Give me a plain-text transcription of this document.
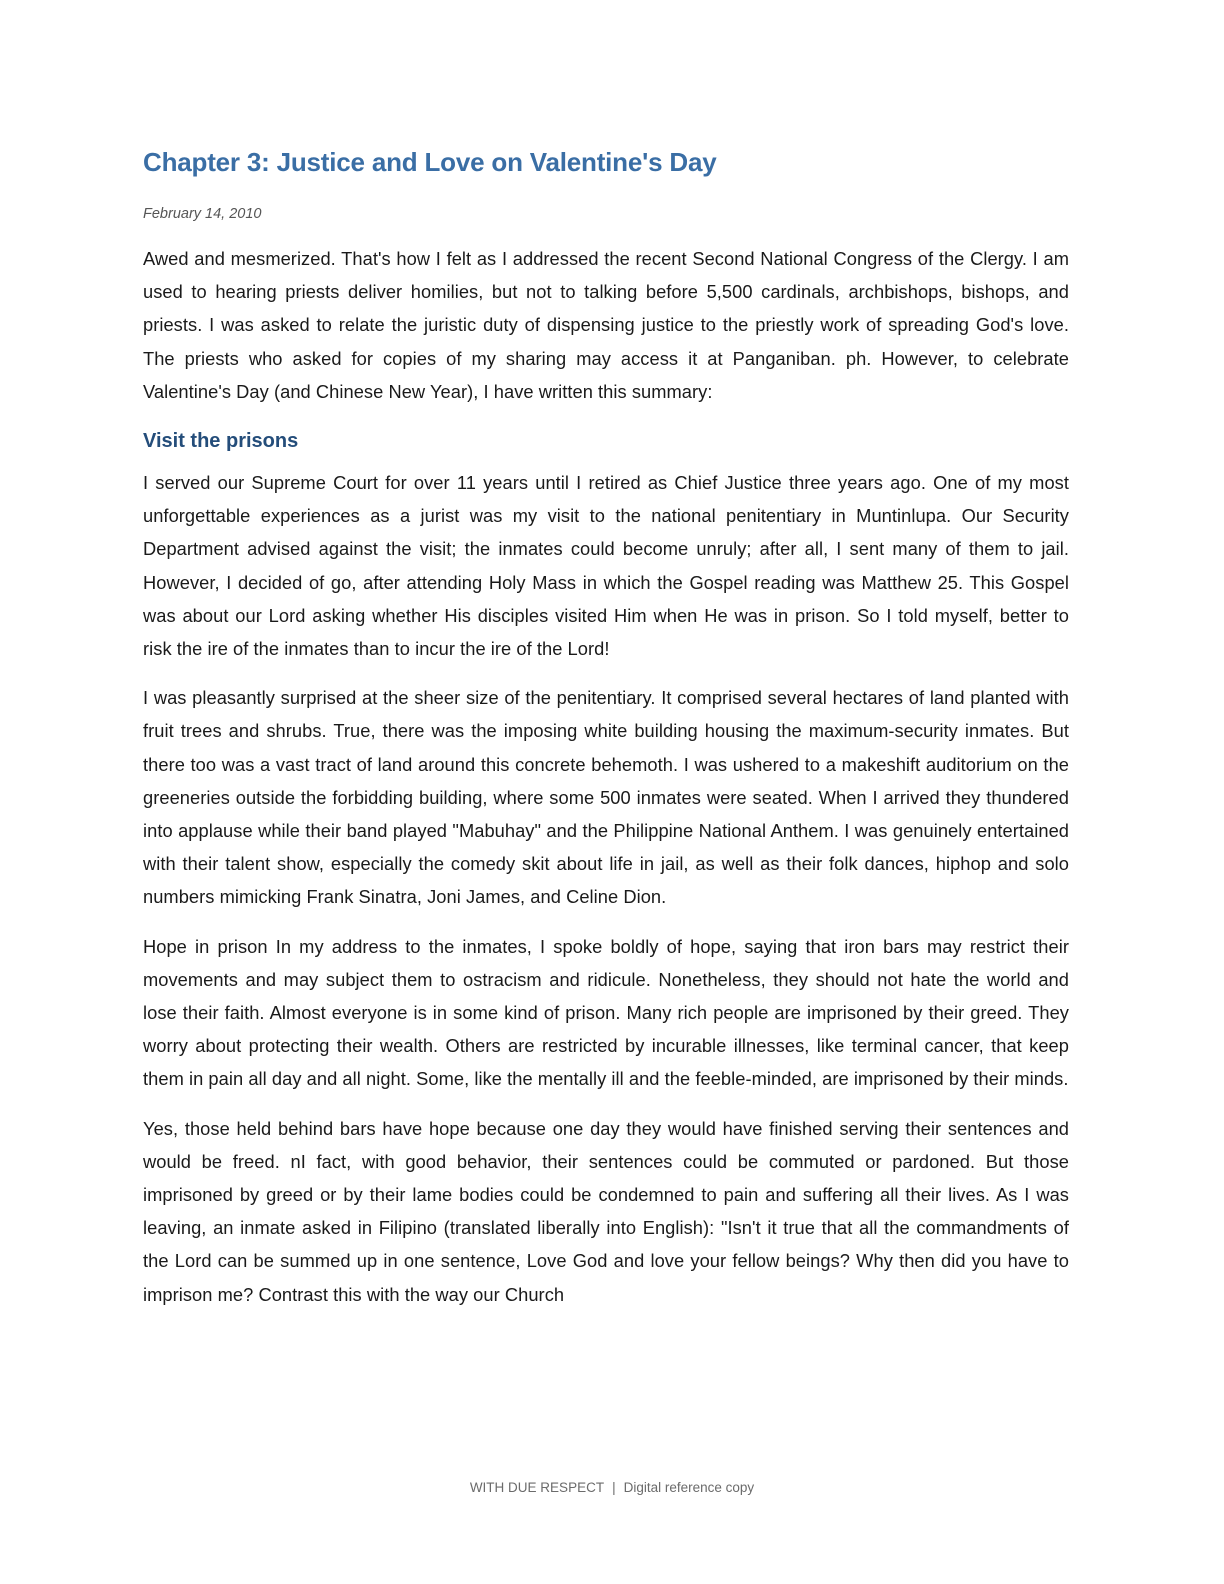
Chapter 3: Justice and Love on Valentine's Day
February 14, 2010

Awed and mesmerized. That's how I felt as I addressed the recent Second National Congress of the Clergy. I am used to hearing priests deliver homilies, but not to talking before 5,500 cardinals, archbishops, bishops, and priests. I was asked to relate the juristic duty of dispensing justice to the priestly work of spreading God's love. The priests who asked for copies of my sharing may access it at Panganiban. ph. However, to celebrate Valentine's Day (and Chinese New Year), I have written this summary:

Visit the prisons

I served our Supreme Court for over 11 years until I retired as Chief Justice three years ago. One of my most unforgettable experiences as a jurist was my visit to the national penitentiary in Muntinlupa. Our Security Department advised against the visit; the inmates could become unruly; after all, I sent many of them to jail. However, I decided of go, after attending Holy Mass in which the Gospel reading was Matthew 25. This Gospel was about our Lord asking whether His disciples visited Him when He was in prison. So I told myself, better to risk the ire of the inmates than to incur the ire of the Lord!

I was pleasantly surprised at the sheer size of the penitentiary. It comprised several hectares of land planted with fruit trees and shrubs. True, there was the imposing white building housing the maximum-security inmates. But there too was a vast tract of land around this concrete behemoth. I was ushered to a makeshift auditorium on the greeneries outside the forbidding building, where some 500 inmates were seated. When I arrived they thundered into applause while their band played "Mabuhay" and the Philippine National Anthem. I was genuinely entertained with their talent show, especially the comedy skit about life in jail, as well as their folk dances, hiphop and solo numbers mimicking Frank Sinatra, Joni James, and Celine Dion.

Hope in prison In my address to the inmates, I spoke boldly of hope, saying that iron bars may restrict their movements and may subject them to ostracism and ridicule. Nonetheless, they should not hate the world and lose their faith. Almost everyone is in some kind of prison. Many rich people are imprisoned by their greed. They worry about protecting their wealth. Others are restricted by incurable illnesses, like terminal cancer, that keep them in pain all day and all night. Some, like the mentally ill and the feeble-minded, are imprisoned by their minds.

Yes, those held behind bars have hope because one day they would have finished serving their sentences and would be freed. nI fact, with good behavior, their sentences could be commuted or pardoned. But those imprisoned by greed or by their lame bodies could be condemned to pain and suffering all their lives. As I was leaving, an inmate asked in Filipino (translated liberally into English): "Isn't it true that all the commandments of the Lord can be summed up in one sentence, Love God and love your fellow beings? Why then did you have to imprison me? Contrast this with the way our Church

WITH DUE RESPECT | Digital reference copy
